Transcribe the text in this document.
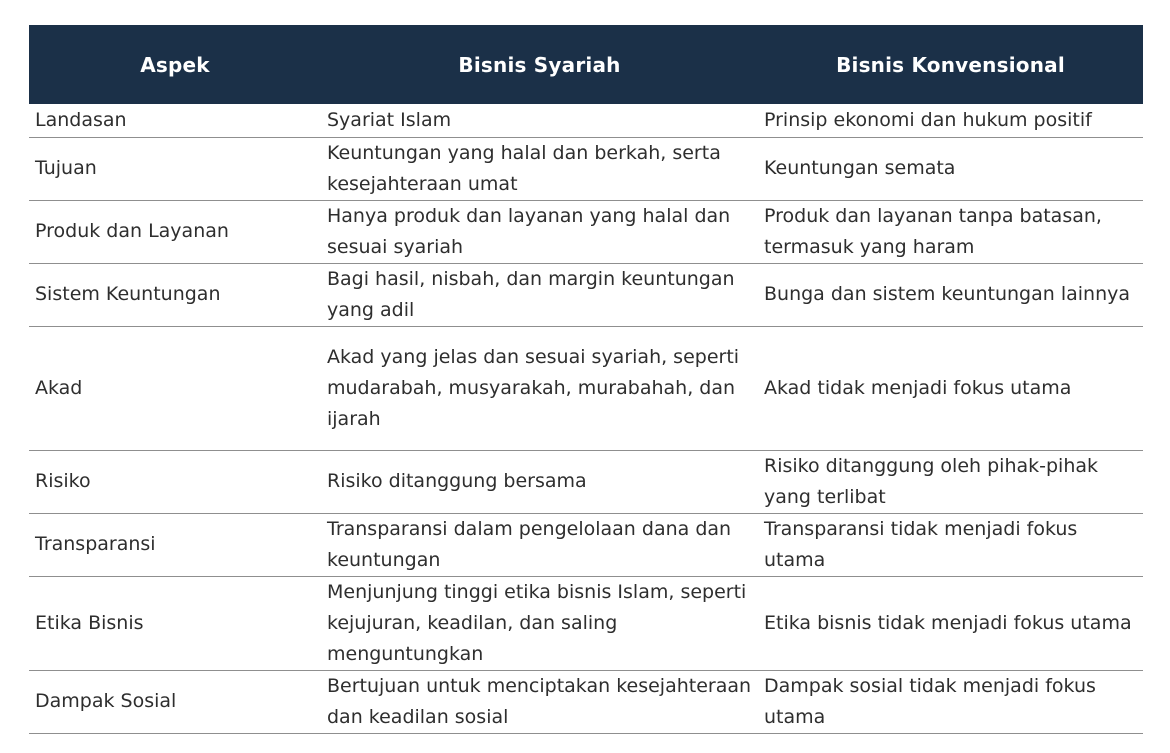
Aspek	Bisnis Syariah	Bisnis Konvensional
Landasan	Syariat Islam	Prinsip ekonomi dan hukum positif
Tujuan	Keuntungan yang halal dan berkah, serta kesejahteraan umat	Keuntungan semata
Produk dan Layanan	Hanya produk dan layanan yang halal dan sesuai syariah	Produk dan layanan tanpa batasan, termasuk yang haram
Sistem Keuntungan	Bagi hasil, nisbah, dan margin keuntungan yang adil	Bunga dan sistem keuntungan lainnya
Akad	Akad yang jelas dan sesuai syariah, seperti mudarabah, musyarakah, murabahah, dan ijarah	Akad tidak menjadi fokus utama
Risiko	Risiko ditanggung bersama	Risiko ditanggung oleh pihak-pihak yang terlibat
Transparansi	Transparansi dalam pengelolaan dana dan keuntungan	Transparansi tidak menjadi fokus utama
Etika Bisnis	Menjunjung tinggi etika bisnis Islam, seperti kejujuran, keadilan, dan saling menguntungkan	Etika bisnis tidak menjadi fokus utama
Dampak Sosial	Bertujuan untuk menciptakan kesejahteraan dan keadilan sosial	Dampak sosial tidak menjadi fokus utama
